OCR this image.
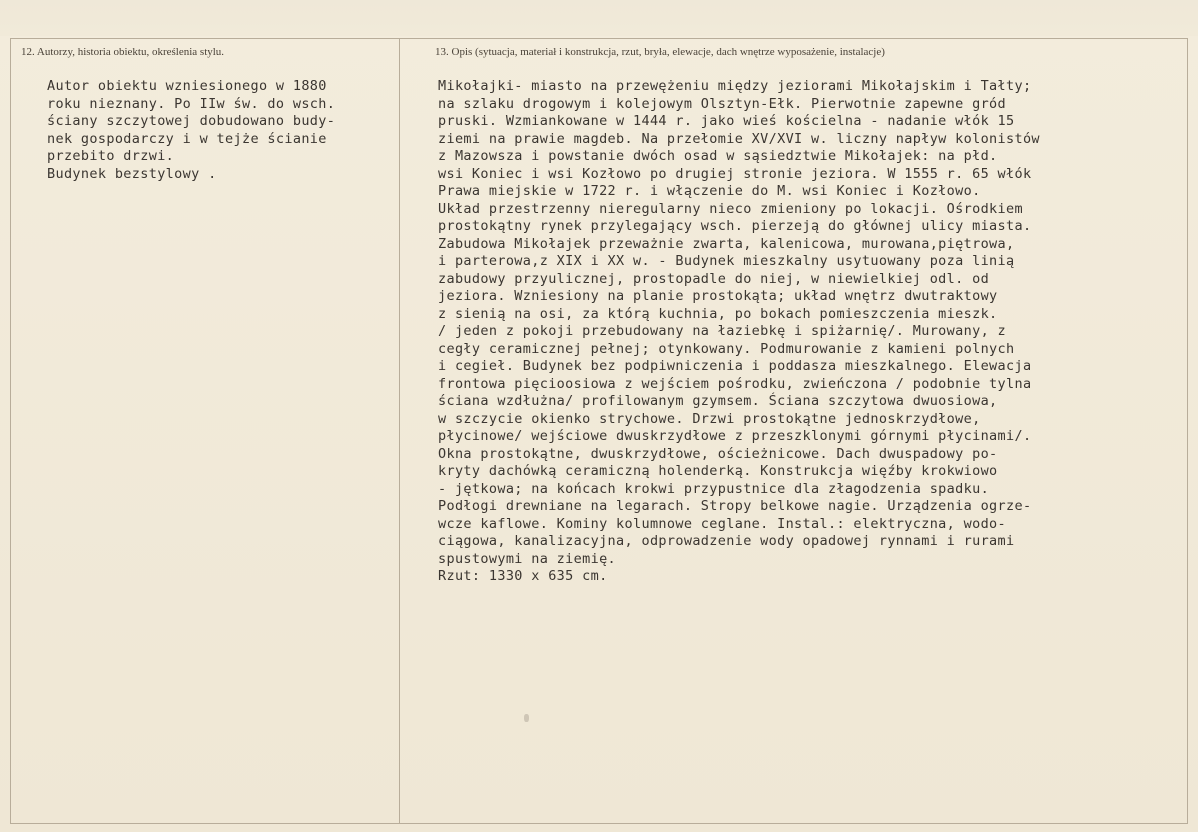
12. Autorzy, historia obiektu, określenia stylu.	13. Opis (sytuacja, materiał i konstrukcja, rzut, bryła, elewacje, dach wnętrze wyposażenie, instalacje)
Autor obiektu wzniesionego w 1880
roku nieznany. Po IIw św. do wsch.
ściany szczytowej dobudowano budy-
nek gospodarczy i w tejże ścianie
przebito drzwi.
Budynek bezstylowy .
Mikołajki- miasto na przewężeniu między jeziorami Mikołajskim i Tałty;
na szlaku drogowym i kolejowym Olsztyn-Ełk. Pierwotnie zapewne gród
pruski. Wzmiankowane w 1444 r. jako wieś kościelna - nadanie włók 15
ziemi na prawie magdeb. Na przełomie XV/XVI w. liczny napływ kolonistów
z Mazowsza i powstanie dwóch osad w sąsiedztwie Mikołajek: na płd.
wsi Koniec i wsi Kozłowo po drugiej stronie jeziora. W 1555 r. 65 włók
Prawa miejskie w 1722 r. i włączenie do M. wsi Koniec i Kozłowo.
Układ przestrzenny nieregularny nieco zmieniony po lokacji. Ośrodkiem
prostokątny rynek przylegający wsch. pierzeją do głównej ulicy miasta.
Zabudowa Mikołajek przeważnie zwarta, kalenicowa, murowana,piętrowa,
i parterowa,z XIX i XX w. - Budynek mieszkalny usytuowany poza linią
zabudowy przyulicznej, prostopadle do niej, w niewielkiej odl. od
jeziora. Wzniesiony na planie prostokąta; układ wnętrz dwutraktowy
z sienią na osi, za którą kuchnia, po bokach pomieszczenia mieszk.
/ jeden z pokoji przebudowany na łaziebkę i spiżarnię/. Murowany, z
cegły ceramicznej pełnej; otynkowany. Podmurowanie z kamieni polnych
i cegieł. Budynek bez podpiwniczenia i poddasza mieszkalnego. Elewacja
frontowa pięcioosiowa z wejściem pośrodku, zwieńczona / podobnie tylna
ściana wzdłużna/ profilowanym gzymsem. Ściana szczytowa dwuosiowa,
w szczycie okienko strychowe. Drzwi prostokątne jednoskrzydłowe,
płycinowe/ wejściowe dwuskrzydłowe z przeszklonymi górnymi płycinami/.
Okna prostokątne, dwuskrzydłowe, ościeżnicowe. Dach dwuspadowy po-
kryty dachówką ceramiczną holenderką. Konstrukcja więźby krokwiowo
- jętkowa; na końcach krokwi przypustnice dla złagodzenia spadku.
Podłogi drewniane na legarach. Stropy belkowe nagie. Urządzenia ogrze-
wcze kaflowe. Kominy kolumnowe ceglane. Instal.: elektryczna, wodo-
ciągowa, kanalizacyjna, odprowadzenie wody opadowej rynnami i rurami
spustowymi na ziemię.
Rzut: 1330 x 635 cm.
